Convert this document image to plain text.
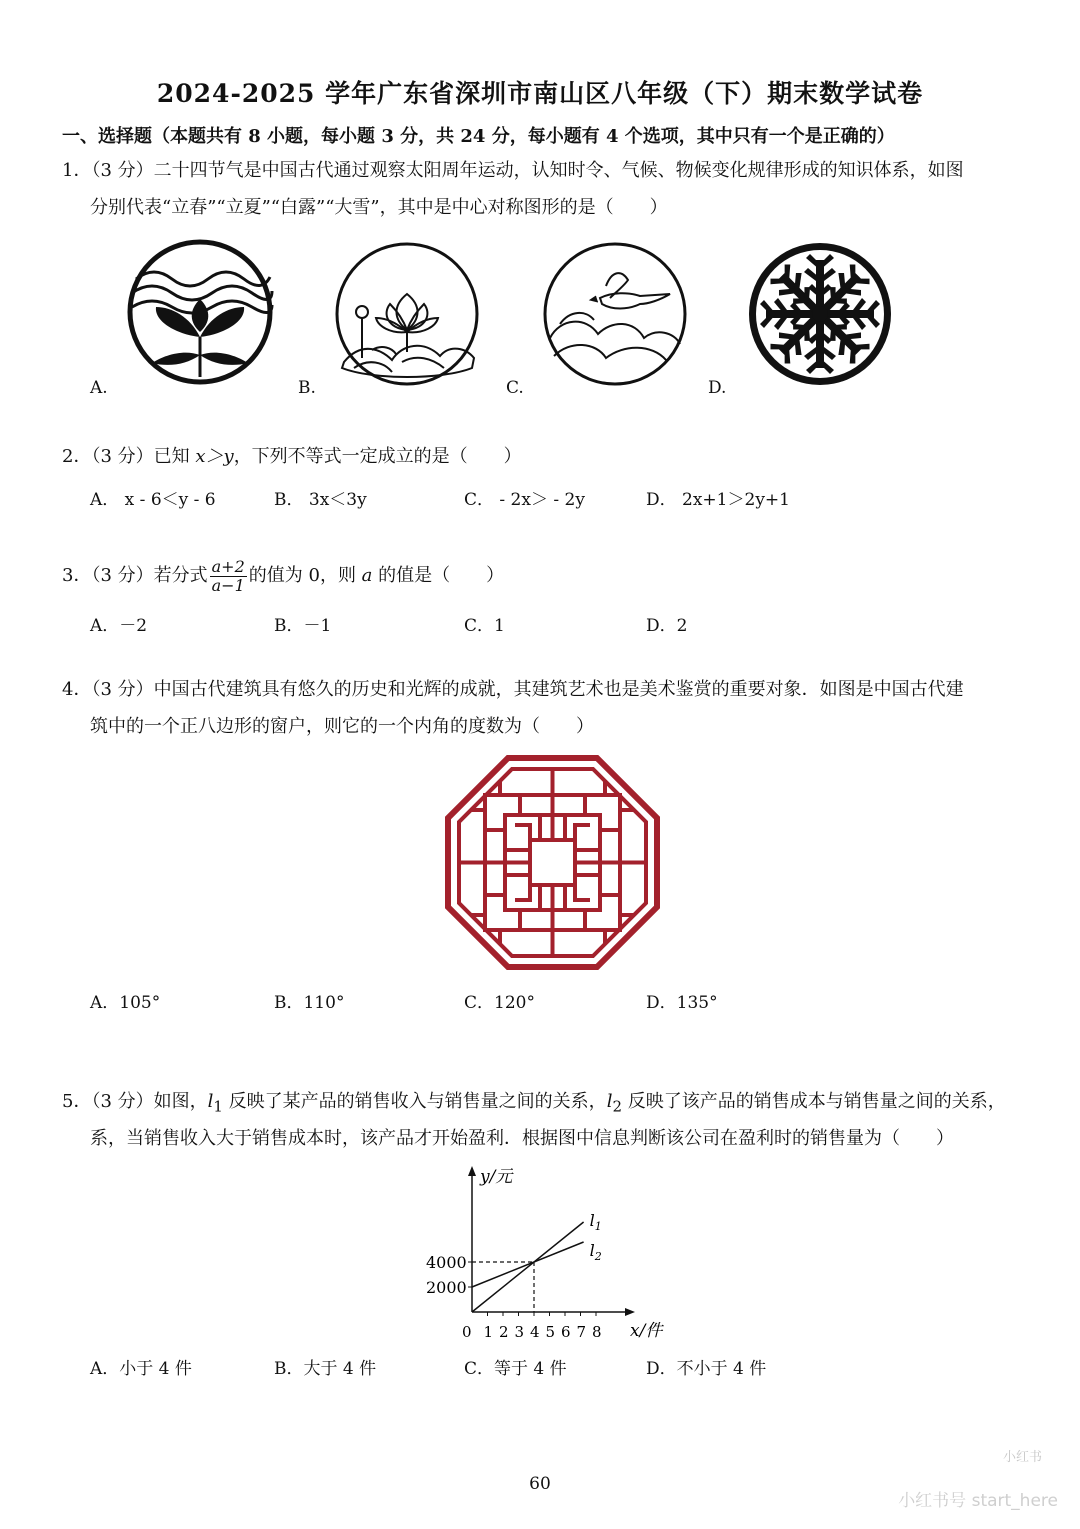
2024-2025 学年广东省深圳市南山区八年级（下）期末数学试卷
一、选择题（本题共有 8 小题，每小题 3 分，共 24 分，每小题有 4 个选项，其中只有一个是正确的）
1．（3 分）二十四节气是中国古代通过观察太阳周年运动，认知时令、气候、物候变化规律形成的知识体系，如图
分别代表“立春”“立夏”“白露”“大雪”，其中是中心对称图形的是（　　）
A.	B.	C.	D.
2．（3 分）已知 x＞y，下列不等式一定成立的是（　　）
A． x - 6＜y - 6	B． 3x＜3y	C． - 2x＞ - 2y	D． 2x+1＞2y+1
3．（3 分）若分式 $\frac{a+2}{a-1}$ 的值为 0，则 a 的值是（　　）
A．－2	B．－1	C．1	D．2
4．（3 分）中国古代建筑具有悠久的历史和光辉的成就，其建筑艺术也是美术鉴赏的重要对象．如图是中国古代建
筑中的一个正八边形的窗户，则它的一个内角的度数为（　　）
A．105°	B．110°	C．120°	D．135°
5．（3 分）如图，$l_1$ 反映了某产品的销售收入与销售量之间的关系，$l_2$ 反映了该产品的销售成本与销售量之间的关系，
系，当销售收入大于销售成本时，该产品才开始盈利．根据图中信息判断该公司在盈利时的销售量为（　　）
y/元
x/件
0 1 2 3 4 5 6 7 8
2000
4000
$l_1$
$l_2$
A．小于 4 件	B．大于 4 件	C．等于 4 件	D．不小于 4 件
60
小红书
小红书号 start_here
